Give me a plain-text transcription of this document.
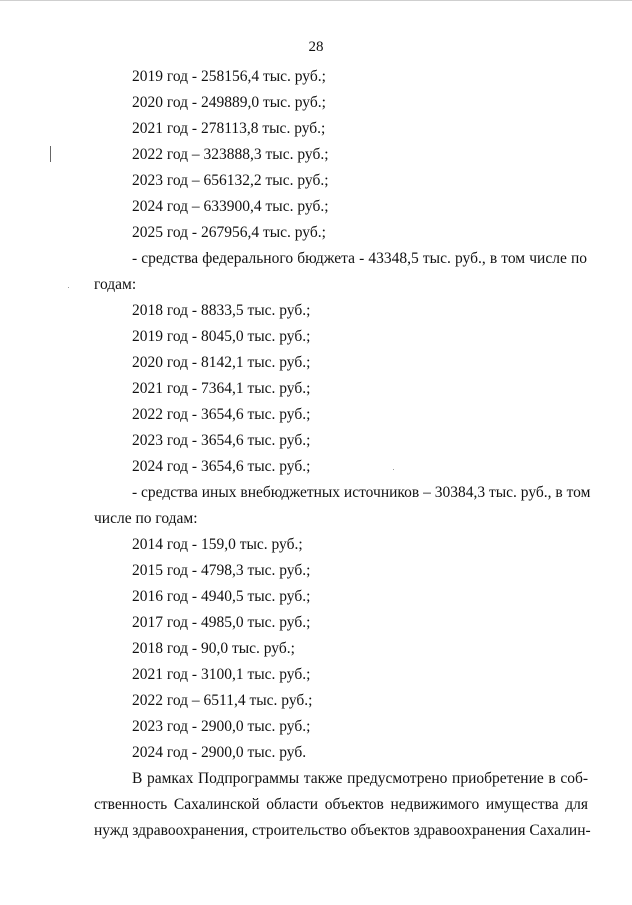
28
2019 год - 258156,4 тыс. руб.;
2020 год - 249889,0 тыс. руб.;
2021 год - 278113,8 тыс. руб.;
2022 год – 323888,3 тыс. руб.;
2023 год – 656132,2 тыс. руб.;
2024 год – 633900,4 тыс. руб.;
2025 год - 267956,4 тыс. руб.;
- средства федерального бюджета - 43348,5 тыс. руб., в том числе по
годам:
2018 год - 8833,5 тыс. руб.;
2019 год - 8045,0 тыс. руб.;
2020 год - 8142,1 тыс. руб.;
2021 год - 7364,1 тыс. руб.;
2022 год - 3654,6 тыс. руб.;
2023 год - 3654,6 тыс. руб.;
2024 год - 3654,6 тыс. руб.;
- средства иных внебюджетных источников – 30384,3 тыс. руб., в том
числе по годам:
2014 год - 159,0 тыс. руб.;
2015 год - 4798,3 тыс. руб.;
2016 год - 4940,5 тыс. руб.;
2017 год - 4985,0 тыс. руб.;
2018 год - 90,0 тыс. руб.;
2021 год - 3100,1 тыс. руб.;
2022 год – 6511,4 тыс. руб.;
2023 год - 2900,0 тыс. руб.;
2024 год - 2900,0 тыс. руб.
В рамках Подпрограммы также предусмотрено приобретение в соб-
ственность Сахалинской области объектов недвижимого имущества для
нужд здравоохранения, строительство объектов здравоохранения Сахалин-
